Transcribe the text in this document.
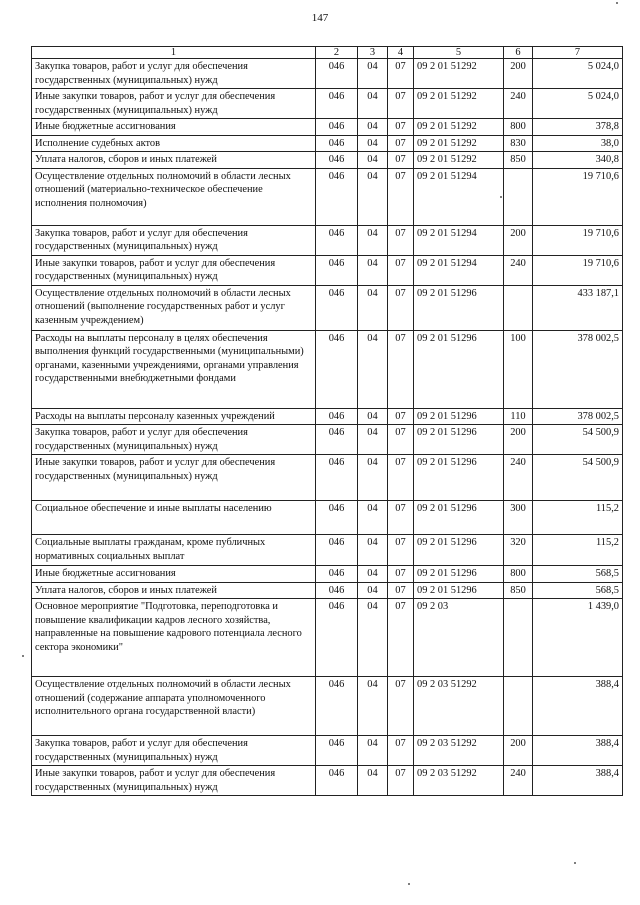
147
1	2	3	4	5	6	7
Закупка товаров, работ и услуг для обеспечения государственных (муниципальных) нужд	046	04	07	09 2 01 51292	200	5 024,0
Иные закупки товаров, работ и услуг для обеспечения государственных (муниципальных) нужд	046	04	07	09 2 01 51292	240	5 024,0
Иные бюджетные ассигнования	046	04	07	09 2 01 51292	800	378,8
Исполнение судебных актов	046	04	07	09 2 01 51292	830	38,0
Уплата налогов, сборов и иных платежей	046	04	07	09 2 01 51292	850	340,8
Осуществление отдельных полномочий в области лесных отношений (материально-техническое обеспечение исполнения полномочия)	046	04	07	09 2 01 51294		19 710,6
Закупка товаров, работ и услуг для обеспечения государственных (муниципальных) нужд	046	04	07	09 2 01 51294	200	19 710,6
Иные закупки товаров, работ и услуг для обеспечения государственных (муниципальных) нужд	046	04	07	09 2 01 51294	240	19 710,6
Осуществление отдельных полномочий в области лесных отношений (выполнение государственных работ и услуг казенным учреждением)	046	04	07	09 2 01 51296		433 187,1
Расходы на выплаты персоналу в целях обеспечения выполнения функций государственными (муниципальными) органами, казенными учреждениями, органами управления государственными внебюджетными фондами	046	04	07	09 2 01 51296	100	378 002,5
Расходы на выплаты персоналу казенных учреждений	046	04	07	09 2 01 51296	110	378 002,5
Закупка товаров, работ и услуг для обеспечения государственных (муниципальных) нужд	046	04	07	09 2 01 51296	200	54 500,9
Иные закупки товаров, работ и услуг для обеспечения государственных (муниципальных) нужд	046	04	07	09 2 01 51296	240	54 500,9
Социальное обеспечение и иные выплаты населению	046	04	07	09 2 01 51296	300	115,2
Социальные выплаты гражданам, кроме публичных нормативных социальных выплат	046	04	07	09 2 01 51296	320	115,2
Иные бюджетные ассигнования	046	04	07	09 2 01 51296	800	568,5
Уплата налогов, сборов и иных платежей	046	04	07	09 2 01 51296	850	568,5
Основное мероприятие "Подготовка, переподготовка и повышение квалификации кадров лесного хозяйства, направленные на повышение кадрового потенциала лесного сектора экономики"	046	04	07	09 2 03		1 439,0
Осуществление отдельных полномочий в области лесных отношений (содержание аппарата уполномоченного исполнительного органа государственной власти)	046	04	07	09 2 03 51292		388,4
Закупка товаров, работ и услуг для обеспечения государственных (муниципальных) нужд	046	04	07	09 2 03 51292	200	388,4
Иные закупки товаров, работ и услуг для обеспечения государственных (муниципальных) нужд	046	04	07	09 2 03 51292	240	388,4
